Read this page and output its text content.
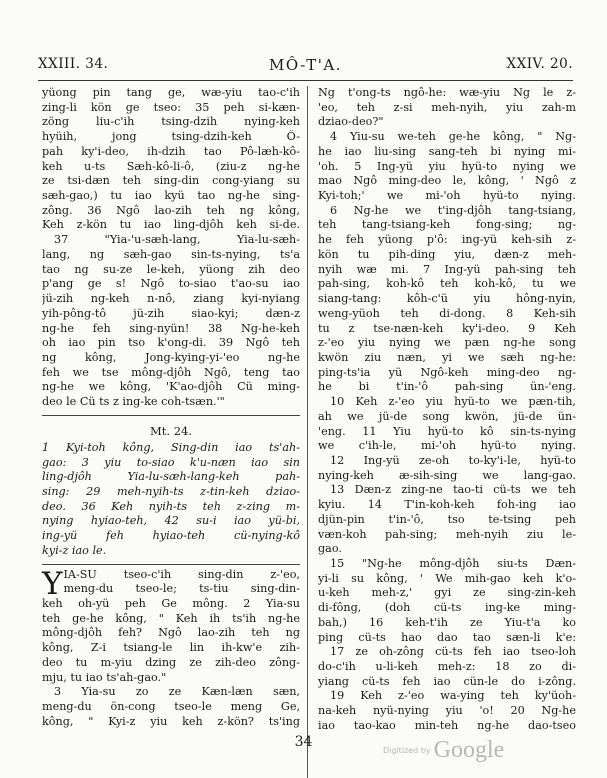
XXIII. 34.	MÔ-T'A.	XXIV. 20.
yüong pin tang ge, wæ-yiu tao-c'ih
zing-li kön ge tseo: 35 peh si-kæn-
zöng liu-c'ih tsing-dzih nying-keh
hyüih, jong tsing-dzih-keh Ô-
pah ky'i-deo, ih-dzih tao Pô-læh-kô-
keh u-ts Sæh-kô-li-ô, (ziu-z ng-he
ze tsi-dæn teh sing-din cong-yiang su
sæh-gao,) tu iao kyü tao ng-he sing-
zông. 36 Ngô lao-zih teh ng kông,
Keh z-kön tu iao ling-djôh keh si-de.
37 "Yia-'u-sæh-lang, Yia-lu-sæh-
lang, ng sæh-gao sin-ts-nying, ts'a
tao ng su-ze le-keh, yüong zih deo
p'ang ge s! Ngô to-siao t'ao-su iao
jü-zih ng-keh n-nô, ziang kyi-nyiang
yih-pông-tô jü-zih siao-kyi; dæn-z
ng-he feh sing-nyün! 38 Ng-he-keh
oh iao pin tso k'ong-di. 39 Ngô teh
ng kông, Jong-kying-yi-'eo ng-he
feh we tse mông-djôh Ngô, teng tao
ng-he we kông, 'K'ao-djôh Cü ming-
deo le Cü ts z ing-ke coh-tsæn.'"
Mt. 24.
1 Kyi-toh kông, Sing-din iao ts'ah-
gao: 3 yiu to-siao k'u-næn iao sin
ling-djôh Yia-lu-sæh-lang-keh pah-
sing: 29 meh-nyih-ts z-tin-keh dziao-
deo. 36 Keh nyih-ts teh z-zing m-
nying hyiao-teh, 42 su-i iao yü-bi,
ing-yü feh hyiao-teh cü-nying-kô
kyi-z iao le.
Y IA-SU tseo-c'ih sing-din z-'eo,
meng-du tseo-le; ts-tiu sing-din-
keh oh-yü peh Ge mông. 2 Yia-su
teh ge-he kông, " Keh ih ts'ih ng-he
mông-djôh feh? Ngô lao-zih teh ng
kông, Z-i tsiang-le lin ih-kw'e zih-
deo tu m-yiu dzing ze zih-deo zông-
mju, tu iao ts'ah-gao."
3 Yia-su zo ze Kæn-læn sæn,
meng-du ön-cong tseo-le meng Ge,
kông, " Kyi-z yiu keh z-kön? ts'ing
Ng t'ong-ts ngô-he: wæ-yiu Ng le z-
'eo, teh z-si meh-nyih, yiu zah-m
dziao-deo?"
4 Yiu-su we-teh ge-he kông, " Ng-
he iao liu-sing sang-teh bi nying mi-
'oh. 5 Ing-yü yiu hyü-to nying we
mao Ngô ming-deo le, kông, ' Ngô z
Kyi-toh;' we mi-'oh hyü-to nying.
6 Ng-he we t'ing-djôh tang-tsiang,
teh tang-tsiang-keh fong-sing; ng-
he feh yüong p'ô: ing-yü keh-sih z-
kön tu pih-ding yiu, dæn-z meh-
nyih wæ mi. 7 Ing-yü pah-sing teh
pah-sing, koh-kô teh koh-kô, tu we
siang-tang: kôh-c'ü yiu hông-nyin,
weng-yüoh teh di-dong. 8 Keh-sih
tu z tse-næn-keh ky'i-deo. 9 Keh
z-'eo yiu nying we pæn ng-he song
kwön ziu næn, yi we sæh ng-he:
ping-ts'ia yü Ngô-keh ming-deo ng-
he bi t'in-'ô pah-sing ün-'eng.
10 Keh z-'eo yiu hyü-to we pæn-tih,
ah we jü-de song kwön, jü-de ün-
'eng. 11 Yiu hyü-to kô sin-ts-nying
we c'ih-le, mi-'oh hyü-to nying.
12 Ing-yü ze-oh to-ky'i-le, hyü-to
nying-keh æ-sih-sing we lang-gao.
13 Dæn-z zing-ne tao-ti cü-ts we teh
kyiu. 14 T'in-koh-keh foh-ing iao
djün-pin t'in-'ô, tso te-tsing peh
væn-koh pah-sing; meh-nyih ziu le-
gao.
15 "Ng-he mông-djôh siu-ts Dæn-
yi-li su kông, ' We mih-gao keh k'o-
u-keh meh-z,' gyi ze sing-zin-keh
di-fông, (doh cü-ts ing-ke ming-
bah,) 16 keh-t'ih ze Yiu-t'a ko
ping cü-ts hao dao tao sæn-li k'e:
17 ze oh-zông cü-ts feh iao tseo-loh
do-c'ih u-li-keh meh-z: 18 zo di-
yiang cü-ts feh iao cün-le do i-zông.
19 Keh z-'eo wa-ying teh ky'üoh-
na-keh nyü-nying yiu 'o! 20 Ng-he
iao tao-kao min-teh ng-he dao-tseo
34
Digitized by Google
